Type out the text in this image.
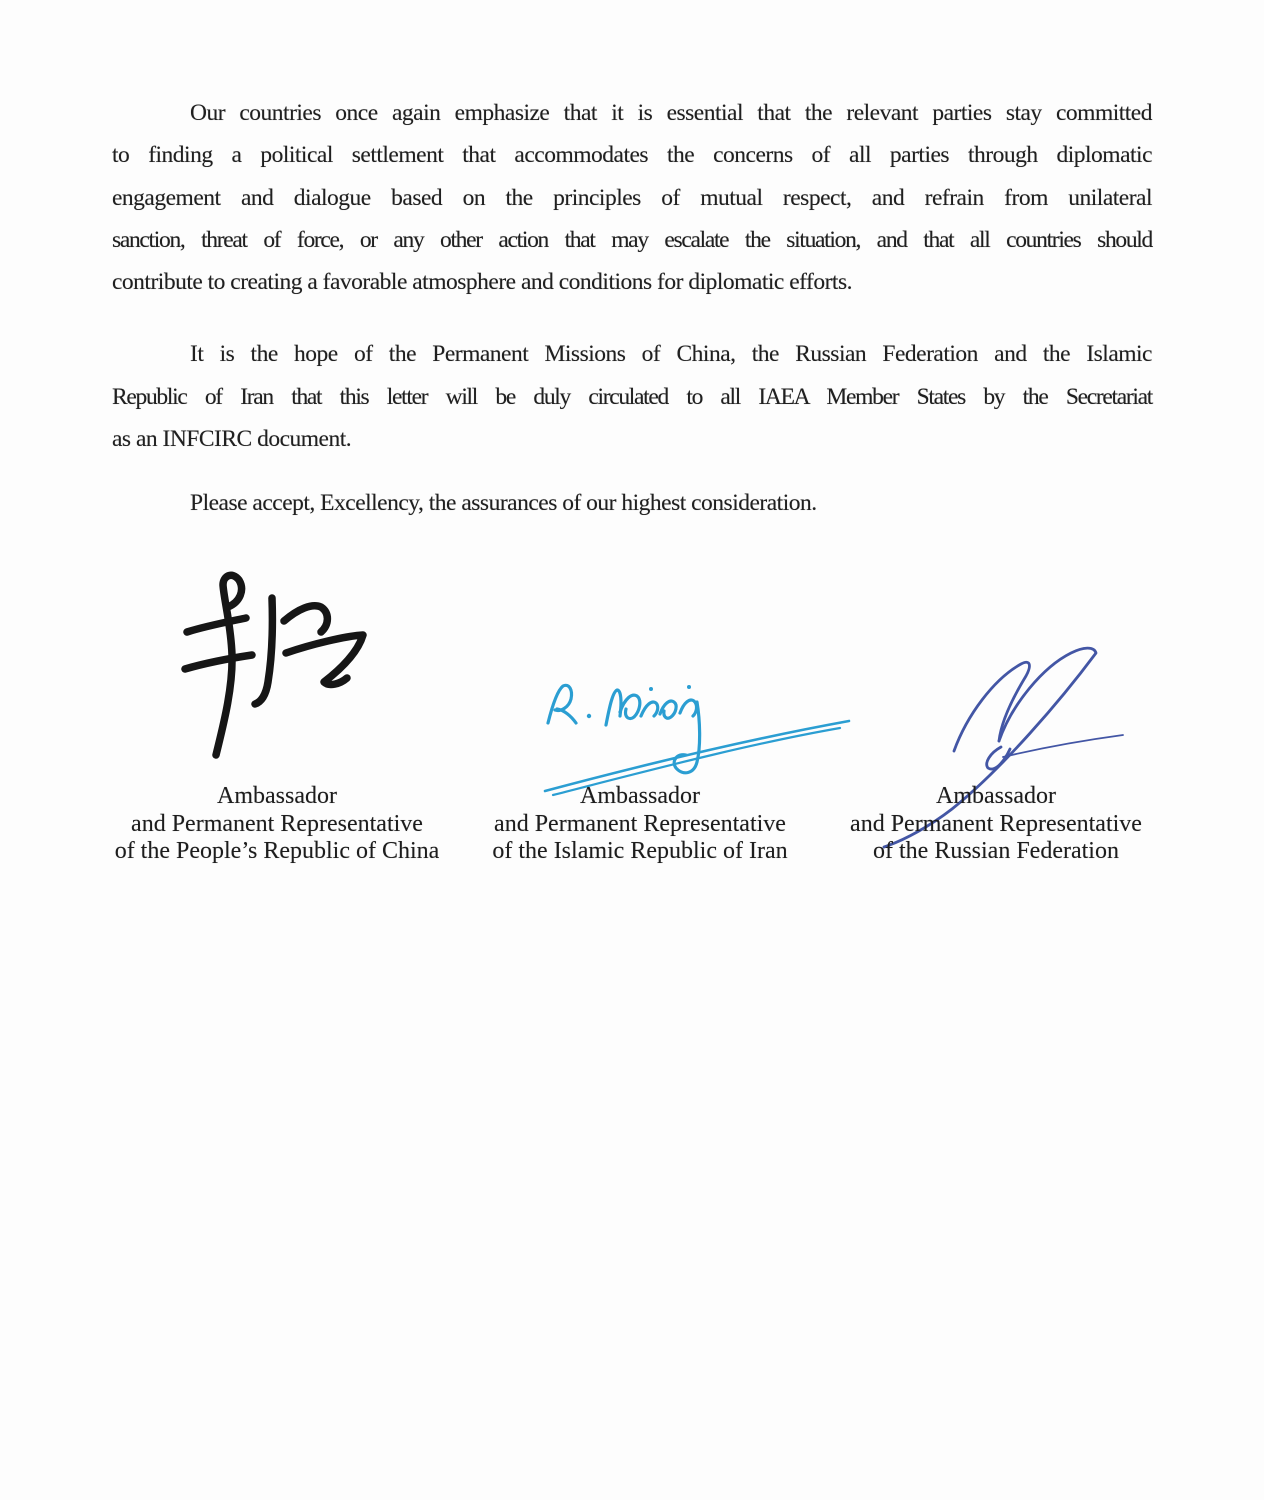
Our countries once again emphasize that it is essential that the relevant parties stay committed
to finding a political settlement that accommodates the concerns of all parties through diplomatic
engagement and dialogue based on the principles of mutual respect, and refrain from unilateral
sanction, threat of force, or any other action that may escalate the situation, and that all countries should
contribute to creating a favorable atmosphere and conditions for diplomatic efforts.
It is the hope of the Permanent Missions of China, the Russian Federation and the Islamic
Republic of Iran that this letter will be duly circulated to all IAEA Member States by the Secretariat
as an INFCIRC document.
Please accept, Excellency, the assurances of our highest consideration.
Ambassador
and Permanent Representative
of the People’s Republic of China
Ambassador
and Permanent Representative
of the Islamic Republic of Iran
Ambassador
and Permanent Representative
of the Russian Federation
